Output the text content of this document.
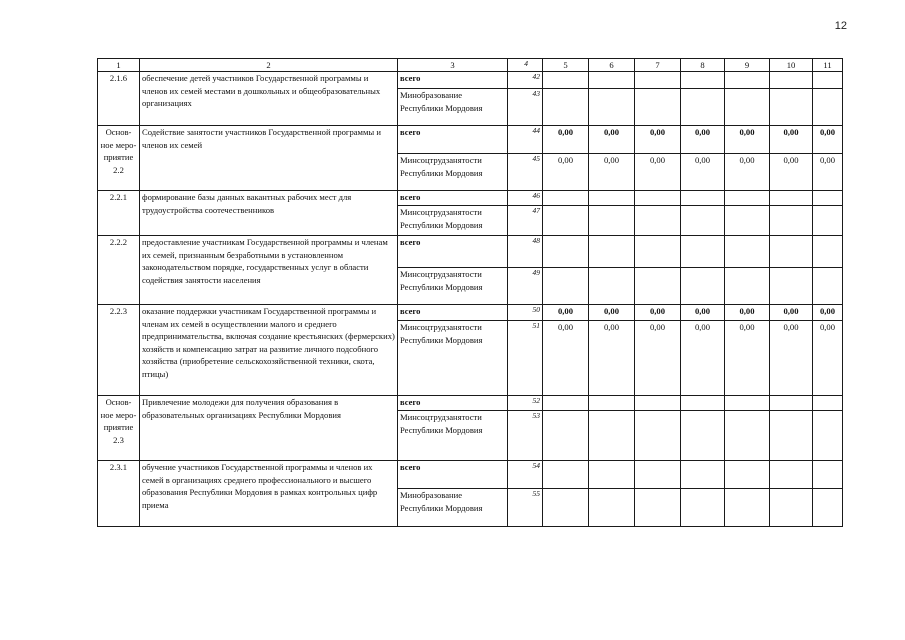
12
1	2	3	4	5	6	7	8	9	10	11
2.1.6	обеспечение детей участников Государственной программы и членов их семей местами в дошкольных и общеобразовательных организациях	всего	42							
		Минобразование Республики Мордовия	43							
Основ- ное меро- приятие 2.2	Содействие занятости участников Государственной программы и членов их семей	всего	44	0,00	0,00	0,00	0,00	0,00	0,00	0,00
		Минсоцтрудзанятости Республики Мордовия	45	0,00	0,00	0,00	0,00	0,00	0,00	0,00
2.2.1	формирование базы данных вакантных рабочих мест для трудоустройства соотечественников	всего	46							
		Минсоцтрудзанятости Республики Мордовия	47							
2.2.2	предоставление участникам Государственной программы и членам их семей, признанным безработными в установленном законодательством порядке, государственных услуг в области содействия занятости населения	всего	48							
		Минсоцтрудзанятости Республики Мордовия	49							
2.2.3	оказание поддержки участникам Государственной программы и членам их семей в осуществлении малого и среднего предпринимательства, включая создание крестьянских (фермерских) хозяйств и компенсацию затрат на развитие личного подсобного хозяйства (приобретение сельскохозяйственной техники, скота, птицы)	всего	50	0,00	0,00	0,00	0,00	0,00	0,00	0,00
		Минсоцтрудзанятости Республики Мордовия	51	0,00	0,00	0,00	0,00	0,00	0,00	0,00
Основ- ное меро- приятие 2.3	Привлечение молодежи для получения образования в образовательных организациях Республики Мордовия	всего	52							
		Минсоцтрудзанятости Республики Мордовия	53							
2.3.1	обучение участников Государственной программы и членов их семей в организациях среднего профессионального и высшего образования Республики Мордовия в рамках контрольных цифр приема	всего	54							
		Минобразование Республики Мордовия	55							
